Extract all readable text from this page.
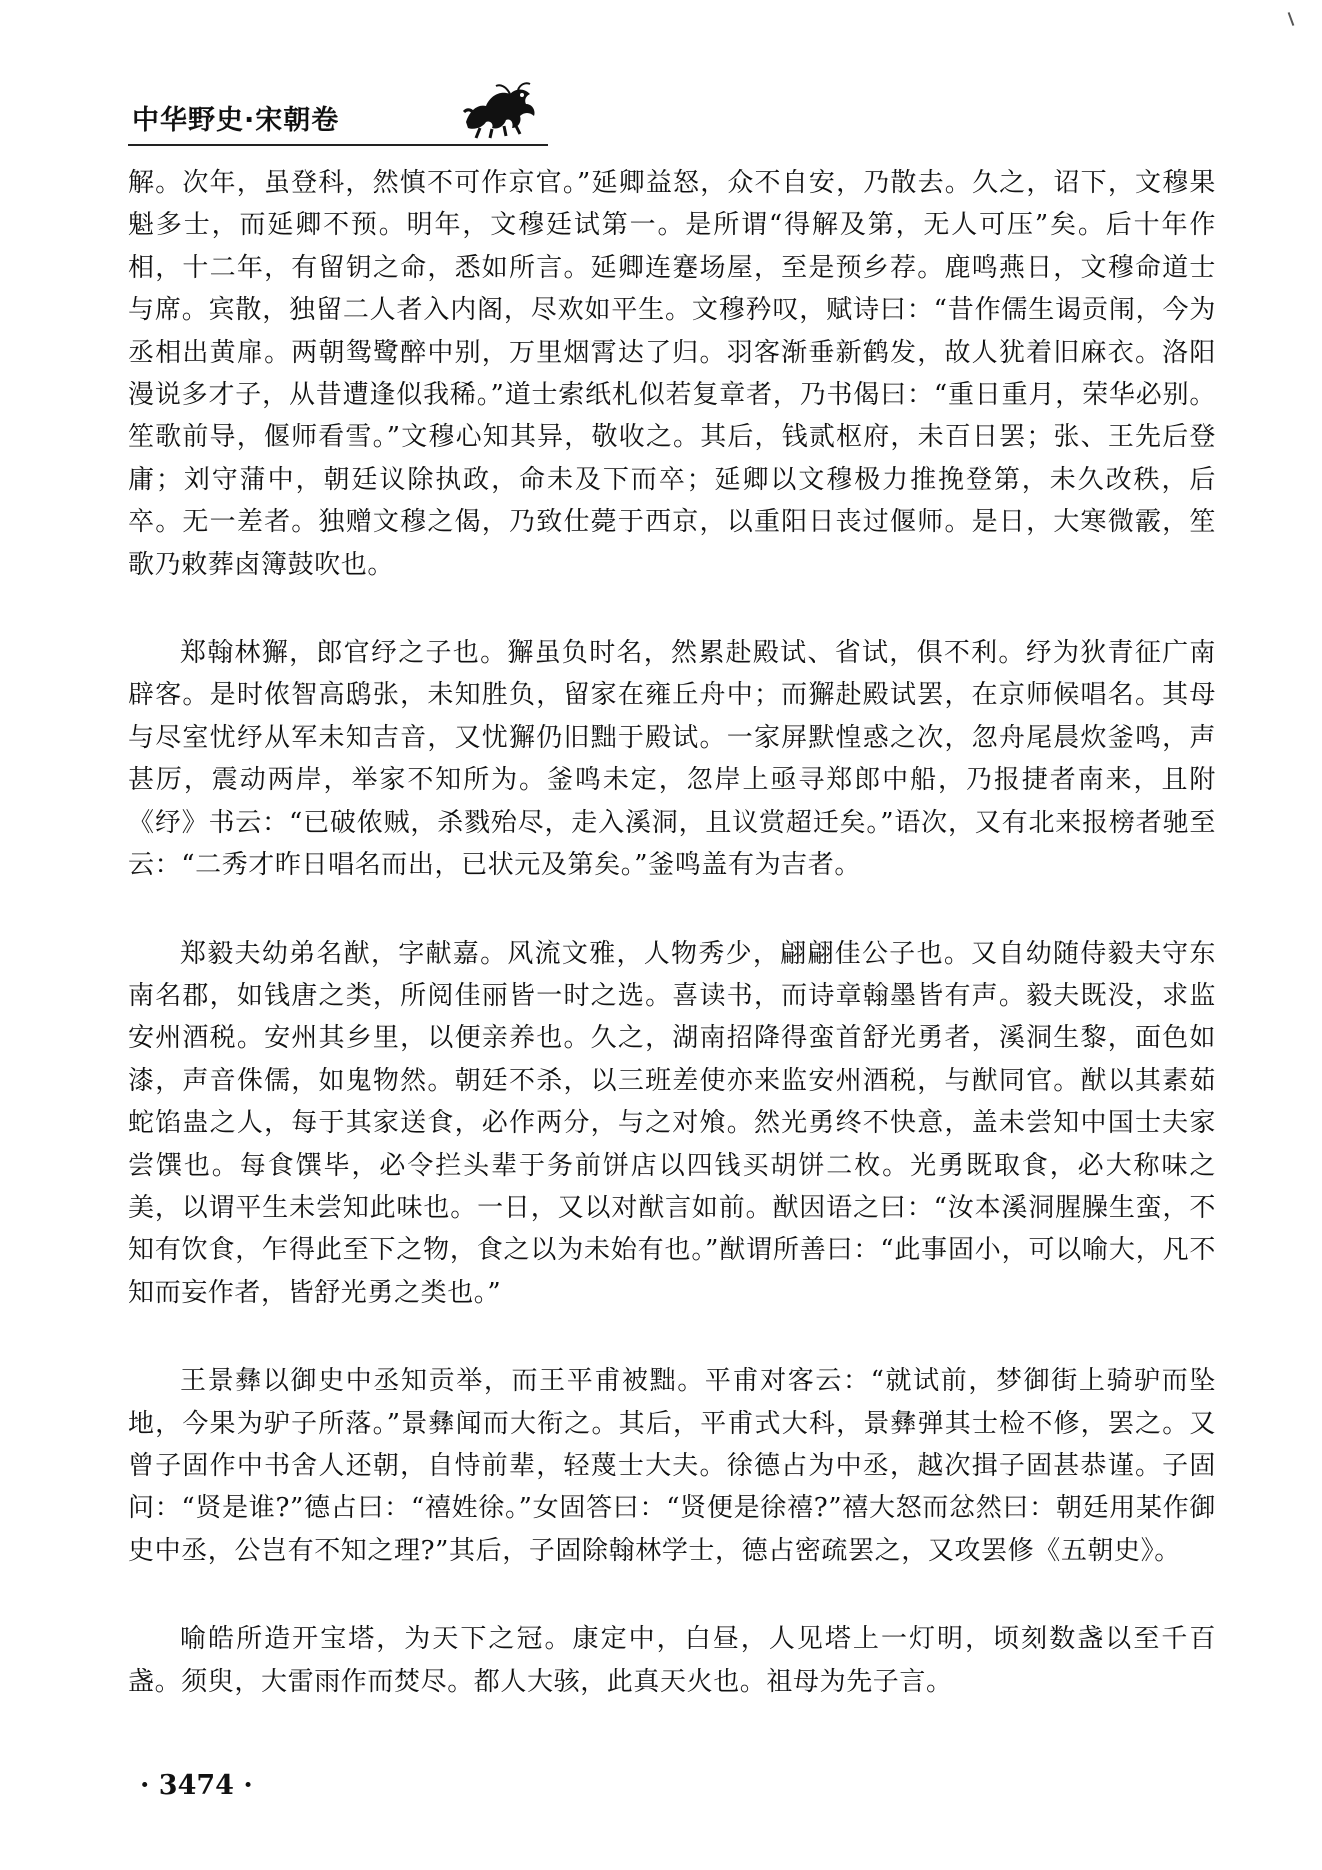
中华野史·宋朝卷

解。次年，虽登科，然慎不可作京官。”延卿益怒，众不自安，乃散去。久之，诏下，文穆果魁多士，而延卿不预。明年，文穆廷试第一。是所谓“得解及第，无人可压”矣。后十年作相，十二年，有留钥之命，悉如所言。延卿连蹇场屋，至是预乡荐。鹿鸣燕日，文穆命道士与席。宾散，独留二人者入内阁，尽欢如平生。文穆矜叹，赋诗曰：“昔作儒生谒贡闱，今为丞相出黄扉。两朝鸳鹭醉中别，万里烟霄达了归。羽客渐垂新鹤发，故人犹着旧麻衣。洛阳漫说多才子，从昔遭逢似我稀。”道士索纸札似若复章者，乃书偈曰：“重日重月，荣华必别。笙歌前导，偃师看雪。”文穆心知其异，敬收之。其后，钱贰枢府，未百日罢；张、王先后登庸；刘守蒲中，朝廷议除执政，命未及下而卒；延卿以文穆极力推挽登第，未久改秩，后卒。无一差者。独赠文穆之偈，乃致仕薨于西京，以重阳日丧过偃师。是日，大寒微霰，笙歌乃敕葬卤簿鼓吹也。

郑翰林獬，郎官纾之子也。獬虽负时名，然累赴殿试、省试，俱不利。纾为狄青征广南辟客。是时侬智高鸱张，未知胜负，留家在雍丘舟中；而獬赴殿试罢，在京师候唱名。其母与尽室忧纾从军未知吉音，又忧獬仍旧黜于殿试。一家屏默惶惑之次，忽舟尾晨炊釜鸣，声甚厉，震动两岸，举家不知所为。釜鸣未定，忽岸上亟寻郑郎中船，乃报捷者南来，且附《纾》书云：“已破侬贼，杀戮殆尽，走入溪洞，且议赏超迁矣。”语次，又有北来报榜者驰至云：“二秀才昨日唱名而出，已状元及第矣。”釜鸣盖有为吉者。

郑毅夫幼弟名猷，字献嘉。风流文雅，人物秀少，翩翩佳公子也。又自幼随侍毅夫守东南名郡，如钱唐之类，所阅佳丽皆一时之选。喜读书，而诗章翰墨皆有声。毅夫既没，求监安州酒税。安州其乡里，以便亲养也。久之，湖南招降得蛮首舒光勇者，溪洞生黎，面色如漆，声音侏儒，如鬼物然。朝廷不杀，以三班差使亦来监安州酒税，与猷同官。猷以其素茹蛇馅蛊之人，每于其家送食，必作两分，与之对飧。然光勇终不快意，盖未尝知中国士夫家尝馔也。每食馔毕，必令拦头辈于务前饼店以四钱买胡饼二枚。光勇既取食，必大称味之美，以谓平生未尝知此味也。一日，又以对猷言如前。猷因语之曰：“汝本溪洞腥臊生蛮，不知有饮食，乍得此至下之物，食之以为未始有也。”猷谓所善曰：“此事固小，可以喻大，凡不知而妄作者，皆舒光勇之类也。”

王景彝以御史中丞知贡举，而王平甫被黜。平甫对客云：“就试前，梦御街上骑驴而坠地，今果为驴子所落。”景彝闻而大衔之。其后，平甫式大科，景彝弹其士检不修，罢之。又曾子固作中书舍人还朝，自恃前辈，轻蔑士大夫。徐德占为中丞，越次揖子固甚恭谨。子固问：“贤是谁?”德占曰：“禧姓徐。”女固答曰：“贤便是徐禧?”禧大怒而忿然曰：朝廷用某作御史中丞，公岂有不知之理?”其后，子固除翰林学士，德占密疏罢之，又攻罢修《五朝史》。

喻皓所造开宝塔，为天下之冠。康定中，白昼，人见塔上一灯明，顷刻数盏以至千百盏。须臾，大雷雨作而焚尽。都人大骇，此真天火也。祖母为先子言。

· 3474 ·
